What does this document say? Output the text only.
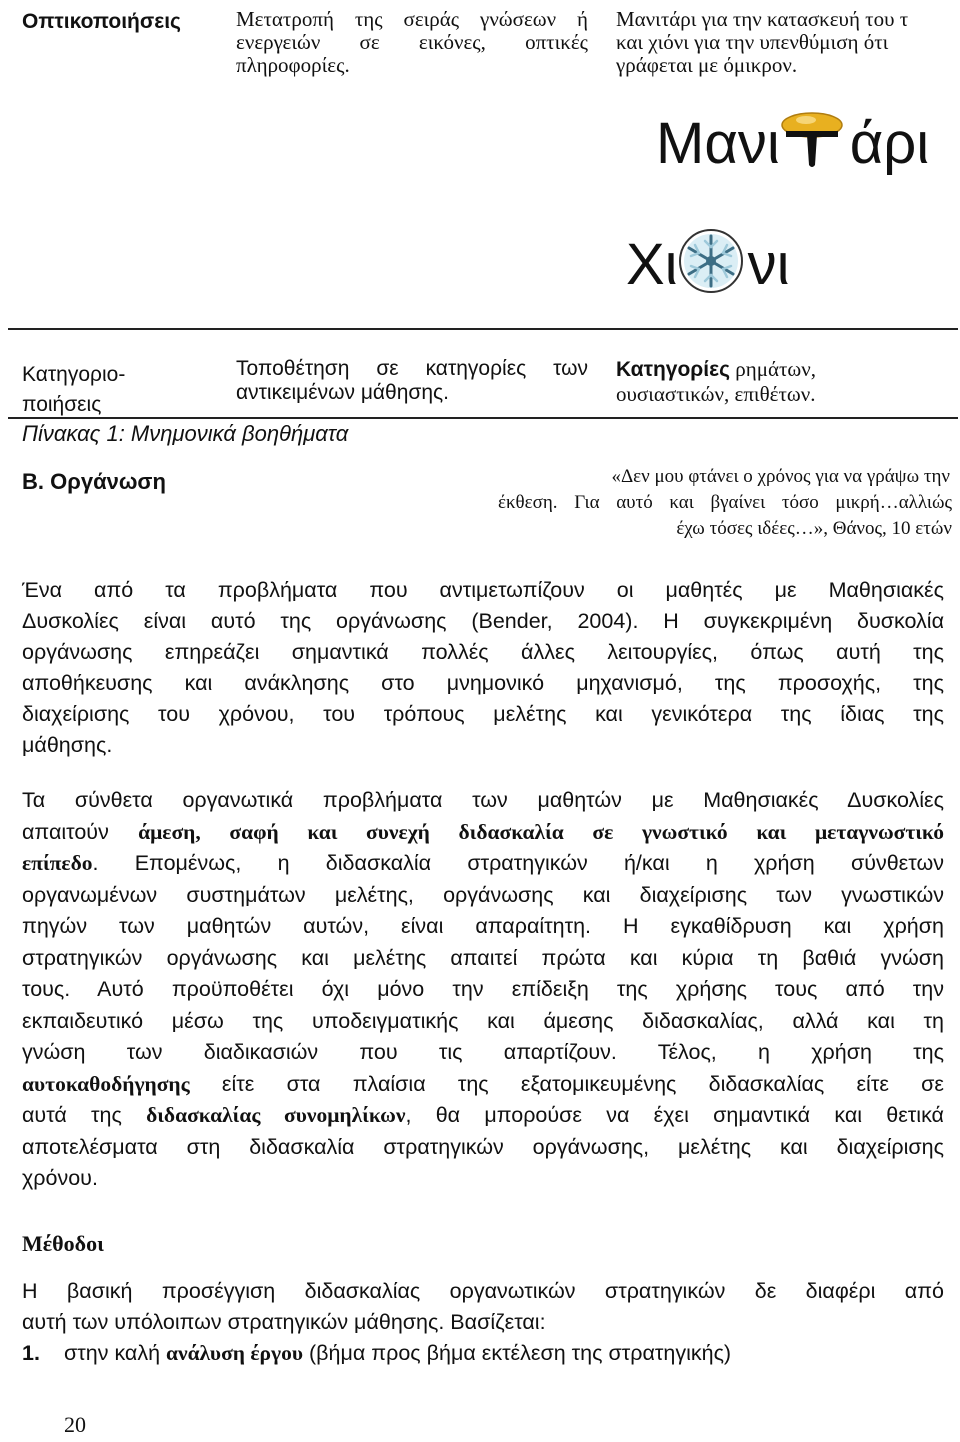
Οπτικοποιήσεις	Μετατροπή της σειράς γνώσεων ή
ενεργειών σε εικόνες, οπτικές
πληροφορίες.
Μανιτάρι για την κατασκευή του τ
και χιόνι για την υπενθύμιση ότι
γράφεται με όμικρον.
Μανι άρι
Χι νι
Κατηγοριο-
ποιήσεις
Τοποθέτηση σε κατηγορίες των
αντικειμένων μάθησης.
Κατηγορίες ρημάτων,
ουσιαστικών, επιθέτων.
Πίνακας 1: Μνημονικά βοηθήματα
Β. Οργάνωση	«Δεν μου φτάνει ο χρόνος για να γράψω την
έκθεση. Για αυτό και βγαίνει τόσο μικρή…αλλιώς
έχω τόσες ιδέες…», Θάνος, 10 ετών
Ένα από τα προβλήματα που αντιμετωπίζουν οι μαθητές με Μαθησιακές
Δυσκολίες είναι αυτό της οργάνωσης (Bender, 2004). Η συγκεκριμένη δυσκολία
οργάνωσης επηρεάζει σημαντικά πολλές άλλες λειτουργίες, όπως αυτή της
αποθήκευσης και ανάκλησης στο μνημονικό μηχανισμό, της προσοχής, της
διαχείρισης του χρόνου, του τρόπους μελέτης και γενικότερα της ίδιας της
μάθησης.
Τα σύνθετα οργανωτικά προβλήματα των μαθητών με Μαθησιακές Δυσκολίες
απαιτούν άμεση, σαφή και συνεχή διδασκαλία σε γνωστικό και μεταγνωστικό
επίπεδο. Επομένως, η διδασκαλία στρατηγικών ή/και η χρήση σύνθετων
οργανωμένων συστημάτων μελέτης, οργάνωσης και διαχείρισης των γνωστικών
πηγών των μαθητών αυτών, είναι απαραίτητη. Η εγκαθίδρυση και χρήση
στρατηγικών οργάνωσης και μελέτης απαιτεί πρώτα και κύρια τη βαθιά γνώση
τους. Αυτό προϋποθέτει όχι μόνο την επίδειξη της χρήσης τους από την
εκπαιδευτικό μέσω της υποδειγματικής και άμεσης διδασκαλίας, αλλά και τη
γνώση των διαδικασιών που τις απαρτίζουν. Τέλος, η χρήση της
αυτοκαθοδήγησης είτε στα πλαίσια της εξατομικευμένης διδασκαλίας είτε σε
αυτά της διδασκαλίας συνομηλίκων, θα μπορούσε να έχει σημαντικά και θετικά
αποτελέσματα στη διδασκαλία στρατηγικών οργάνωσης, μελέτης και διαχείρισης
χρόνου.
Μέθοδοι
Η βασική προσέγγιση διδασκαλίας οργανωτικών στρατηγικών δε διαφέρι από
αυτή των υπόλοιπων στρατηγικών μάθησης. Βασίζεται:
1. στην καλή ανάλυση έργου (βήμα προς βήμα εκτέλεση της στρατηγικής)
20
